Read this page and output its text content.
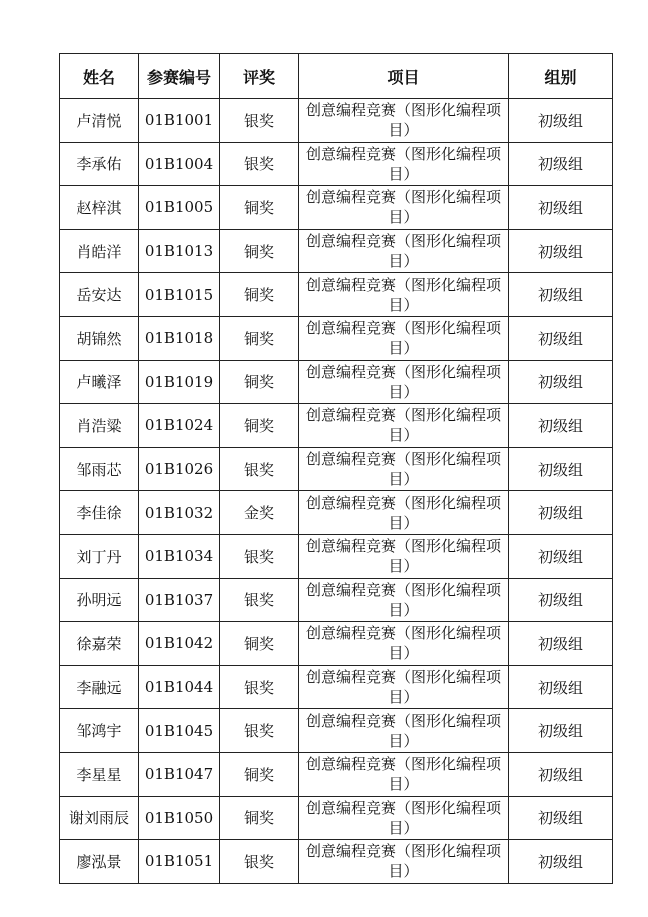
姓名	参赛编号	评奖	项目	组别
卢清悦	01B1001	银奖	创意编程竞赛（图形化编程项目）	初级组
李承佑	01B1004	银奖	创意编程竞赛（图形化编程项目）	初级组
赵梓淇	01B1005	铜奖	创意编程竞赛（图形化编程项目）	初级组
肖皓洋	01B1013	铜奖	创意编程竞赛（图形化编程项目）	初级组
岳安达	01B1015	铜奖	创意编程竞赛（图形化编程项目）	初级组
胡锦然	01B1018	铜奖	创意编程竞赛（图形化编程项目）	初级组
卢曦泽	01B1019	铜奖	创意编程竞赛（图形化编程项目）	初级组
肖浩粱	01B1024	铜奖	创意编程竞赛（图形化编程项目）	初级组
邹雨芯	01B1026	银奖	创意编程竞赛（图形化编程项目）	初级组
李佳徐	01B1032	金奖	创意编程竞赛（图形化编程项目）	初级组
刘丁丹	01B1034	银奖	创意编程竞赛（图形化编程项目）	初级组
孙明远	01B1037	银奖	创意编程竞赛（图形化编程项目）	初级组
徐嘉荣	01B1042	铜奖	创意编程竞赛（图形化编程项目）	初级组
李融远	01B1044	银奖	创意编程竞赛（图形化编程项目）	初级组
邹鸿宇	01B1045	银奖	创意编程竞赛（图形化编程项目）	初级组
李星星	01B1047	铜奖	创意编程竞赛（图形化编程项目）	初级组
谢刘雨辰	01B1050	铜奖	创意编程竞赛（图形化编程项目）	初级组
廖泓景	01B1051	银奖	创意编程竞赛（图形化编程项目）	初级组
